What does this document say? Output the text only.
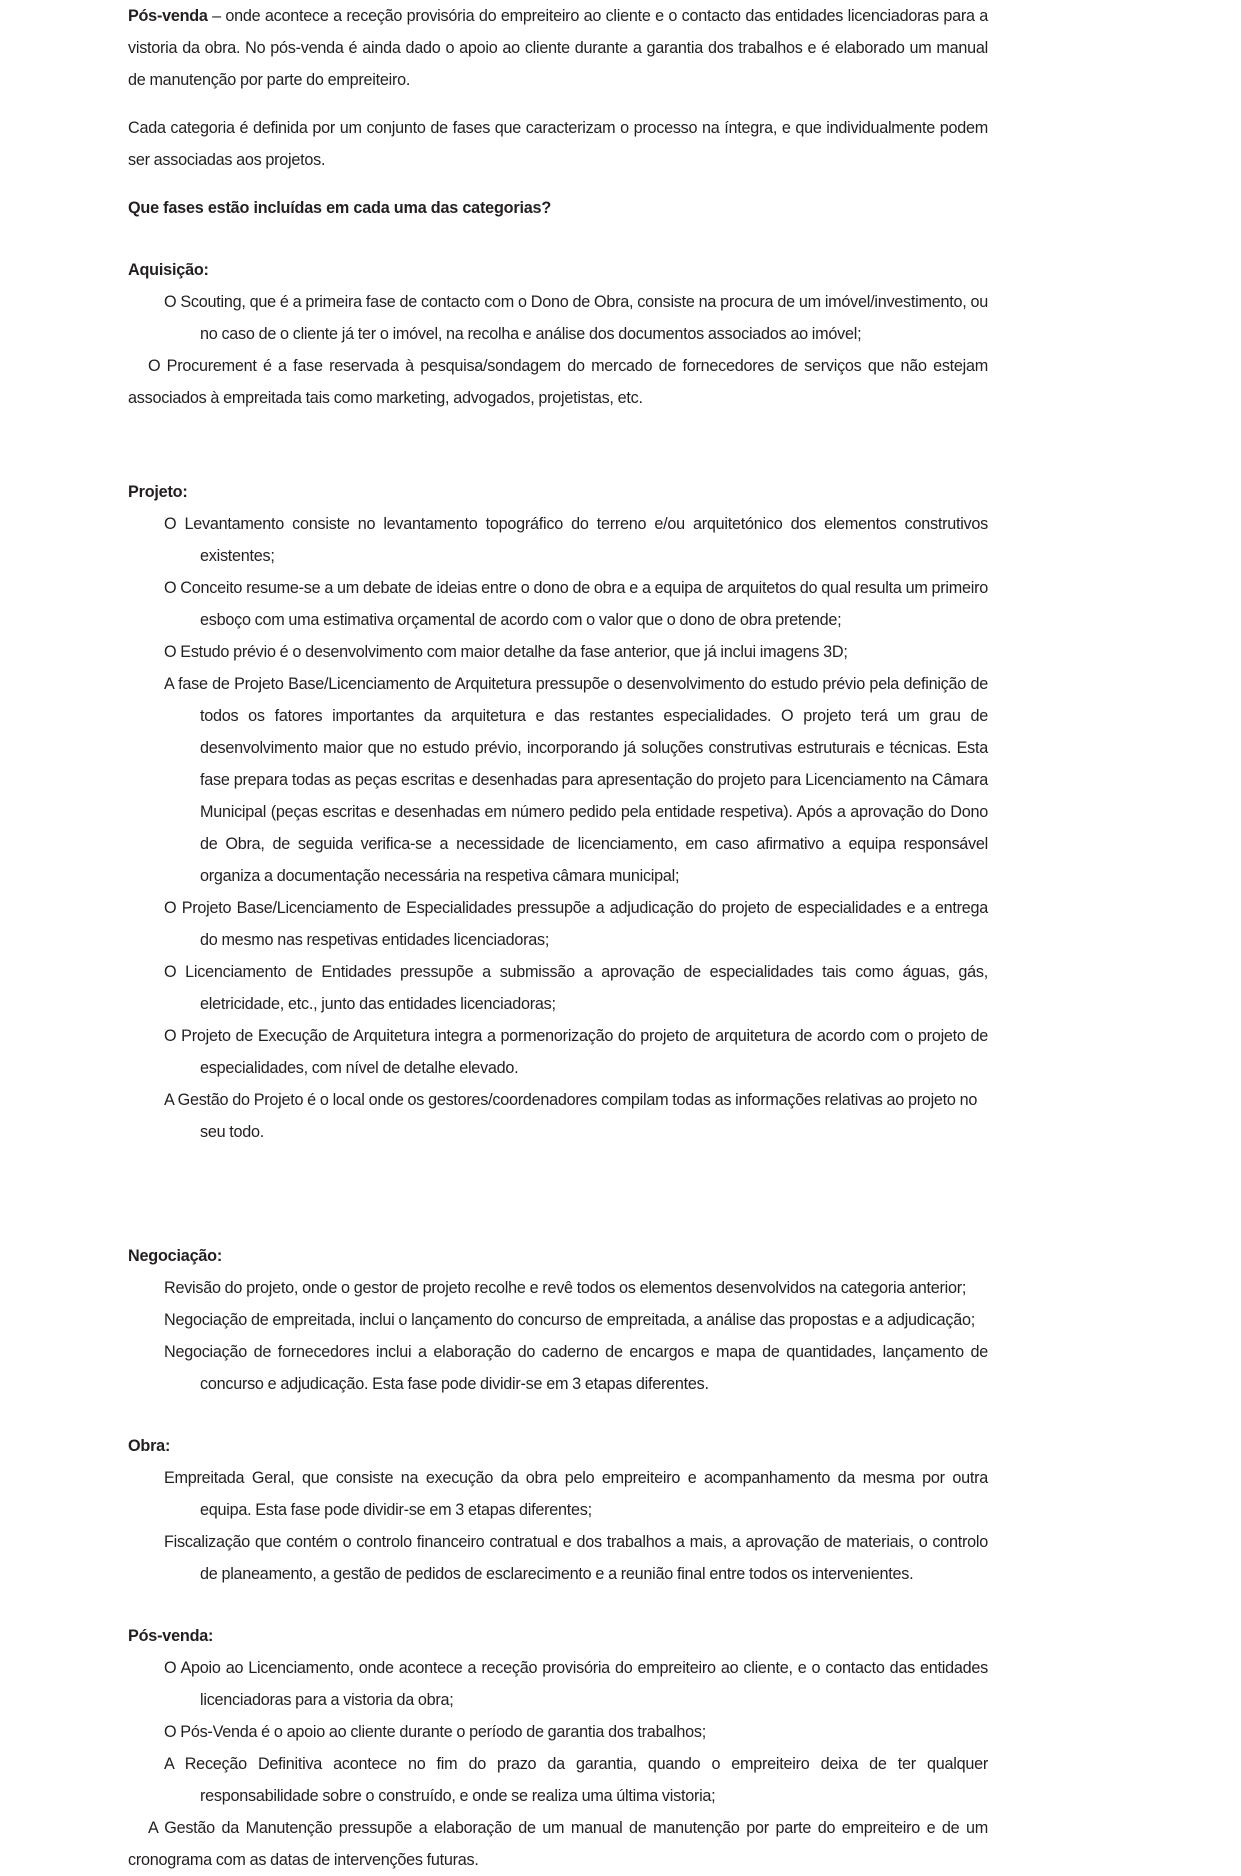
Pós-venda – onde acontece a receção provisória do empreiteiro ao cliente e o contacto das entidades licenciadoras para a vistoria da obra. No pós-venda é ainda dado o apoio ao cliente durante a garantia dos trabalhos e é elaborado um manual de manutenção por parte do empreiteiro.

Cada categoria é definida por um conjunto de fases que caracterizam o processo na íntegra, e que individualmente podem ser associadas aos projetos.

Que fases estão incluídas em cada uma das categorias?

Aquisição:

O Scouting, que é a primeira fase de contacto com o Dono de Obra, consiste na procura de um imóvel/investimento, ou no caso de o cliente já ter o imóvel, na recolha e análise dos documentos associados ao imóvel;

O Procurement é a fase reservada à pesquisa/sondagem do mercado de fornecedores de serviços que não estejam associados à empreitada tais como marketing, advogados, projetistas, etc.

Projeto:

O Levantamento consiste no levantamento topográfico do terreno e/ou arquitetónico dos elementos construtivos existentes;

O Conceito resume-se a um debate de ideias entre o dono de obra e a equipa de arquitetos do qual resulta um primeiro esboço com uma estimativa orçamental de acordo com o valor que o dono de obra pretende;

O Estudo prévio é o desenvolvimento com maior detalhe da fase anterior, que já inclui imagens 3D;

A fase de Projeto Base/Licenciamento de Arquitetura pressupõe o desenvolvimento do estudo prévio pela definição de todos os fatores importantes da arquitetura e das restantes especialidades. O projeto terá um grau de desenvolvimento maior que no estudo prévio, incorporando já soluções construtivas estruturais e técnicas. Esta fase prepara todas as peças escritas e desenhadas para apresentação do projeto para Licenciamento na Câmara Municipal (peças escritas e desenhadas em número pedido pela entidade respetiva). Após a aprovação do Dono de Obra, de seguida verifica-se a necessidade de licenciamento, em caso afirmativo a equipa responsável organiza a documentação necessária na respetiva câmara municipal;

O Projeto Base/Licenciamento de Especialidades pressupõe a adjudicação do projeto de especialidades e a entrega do mesmo nas respetivas entidades licenciadoras;

O Licenciamento de Entidades pressupõe a submissão a aprovação de especialidades tais como águas, gás, eletricidade, etc., junto das entidades licenciadoras;

O Projeto de Execução de Arquitetura integra a pormenorização do projeto de arquitetura de acordo com o projeto de especialidades, com nível de detalhe elevado.

A Gestão do Projeto é o local onde os gestores/coordenadores compilam todas as informações relativas ao projeto no seu todo.

Negociação:

Revisão do projeto, onde o gestor de projeto recolhe e revê todos os elementos desenvolvidos na categoria anterior;

Negociação de empreitada, inclui o lançamento do concurso de empreitada, a análise das propostas e a adjudicação;

Negociação de fornecedores inclui a elaboração do caderno de encargos e mapa de quantidades, lançamento de concurso e adjudicação. Esta fase pode dividir-se em 3 etapas diferentes.

Obra:

Empreitada Geral, que consiste na execução da obra pelo empreiteiro e acompanhamento da mesma por outra equipa. Esta fase pode dividir-se em 3 etapas diferentes;

Fiscalização que contém o controlo financeiro contratual e dos trabalhos a mais, a aprovação de materiais, o controlo de planeamento, a gestão de pedidos de esclarecimento e a reunião final entre todos os intervenientes.

Pós-venda:

O Apoio ao Licenciamento, onde acontece a receção provisória do empreiteiro ao cliente, e o contacto das entidades licenciadoras para a vistoria da obra;

O Pós-Venda é o apoio ao cliente durante o período de garantia dos trabalhos;

A Receção Definitiva acontece no fim do prazo da garantia, quando o empreiteiro deixa de ter qualquer responsabilidade sobre o construído, e onde se realiza uma última vistoria;

A Gestão da Manutenção pressupõe a elaboração de um manual de manutenção por parte do empreiteiro e de um cronograma com as datas de intervenções futuras.
